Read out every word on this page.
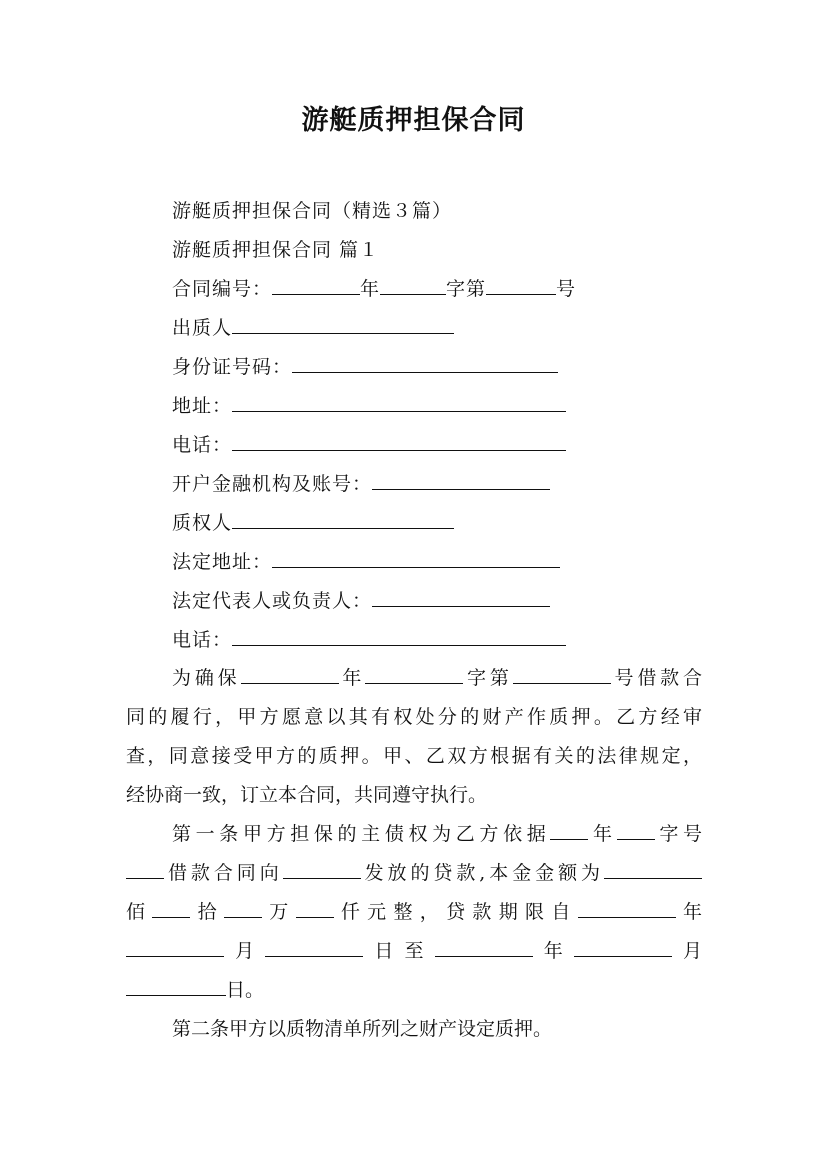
游艇质押担保合同
游艇质押担保合同（精选３篇）
游艇质押担保合同 篇１
合同编号：	年	字第	号
出质人
身份证号码：
地址：
电话：
开户金融机构及账号：
质权人
法定地址：
法定代表人或负责人：
电话：
为确保	年	字第	号借款合
同的履行，甲方愿意以其有权处分的财产作质押。乙方经审
查，同意接受甲方的质押。甲、乙双方根据有关的法律规定，
经协商一致，订立本合同，共同遵守执行。
第一条甲方担保的主债权为乙方依据 年 字号
借款合同向	发放的贷款,本金金额为
佰 拾 万 仟元整，贷款期限自	年
月	日至	年	月
日。
第二条甲方以质物清单所列之财产设定质押。
